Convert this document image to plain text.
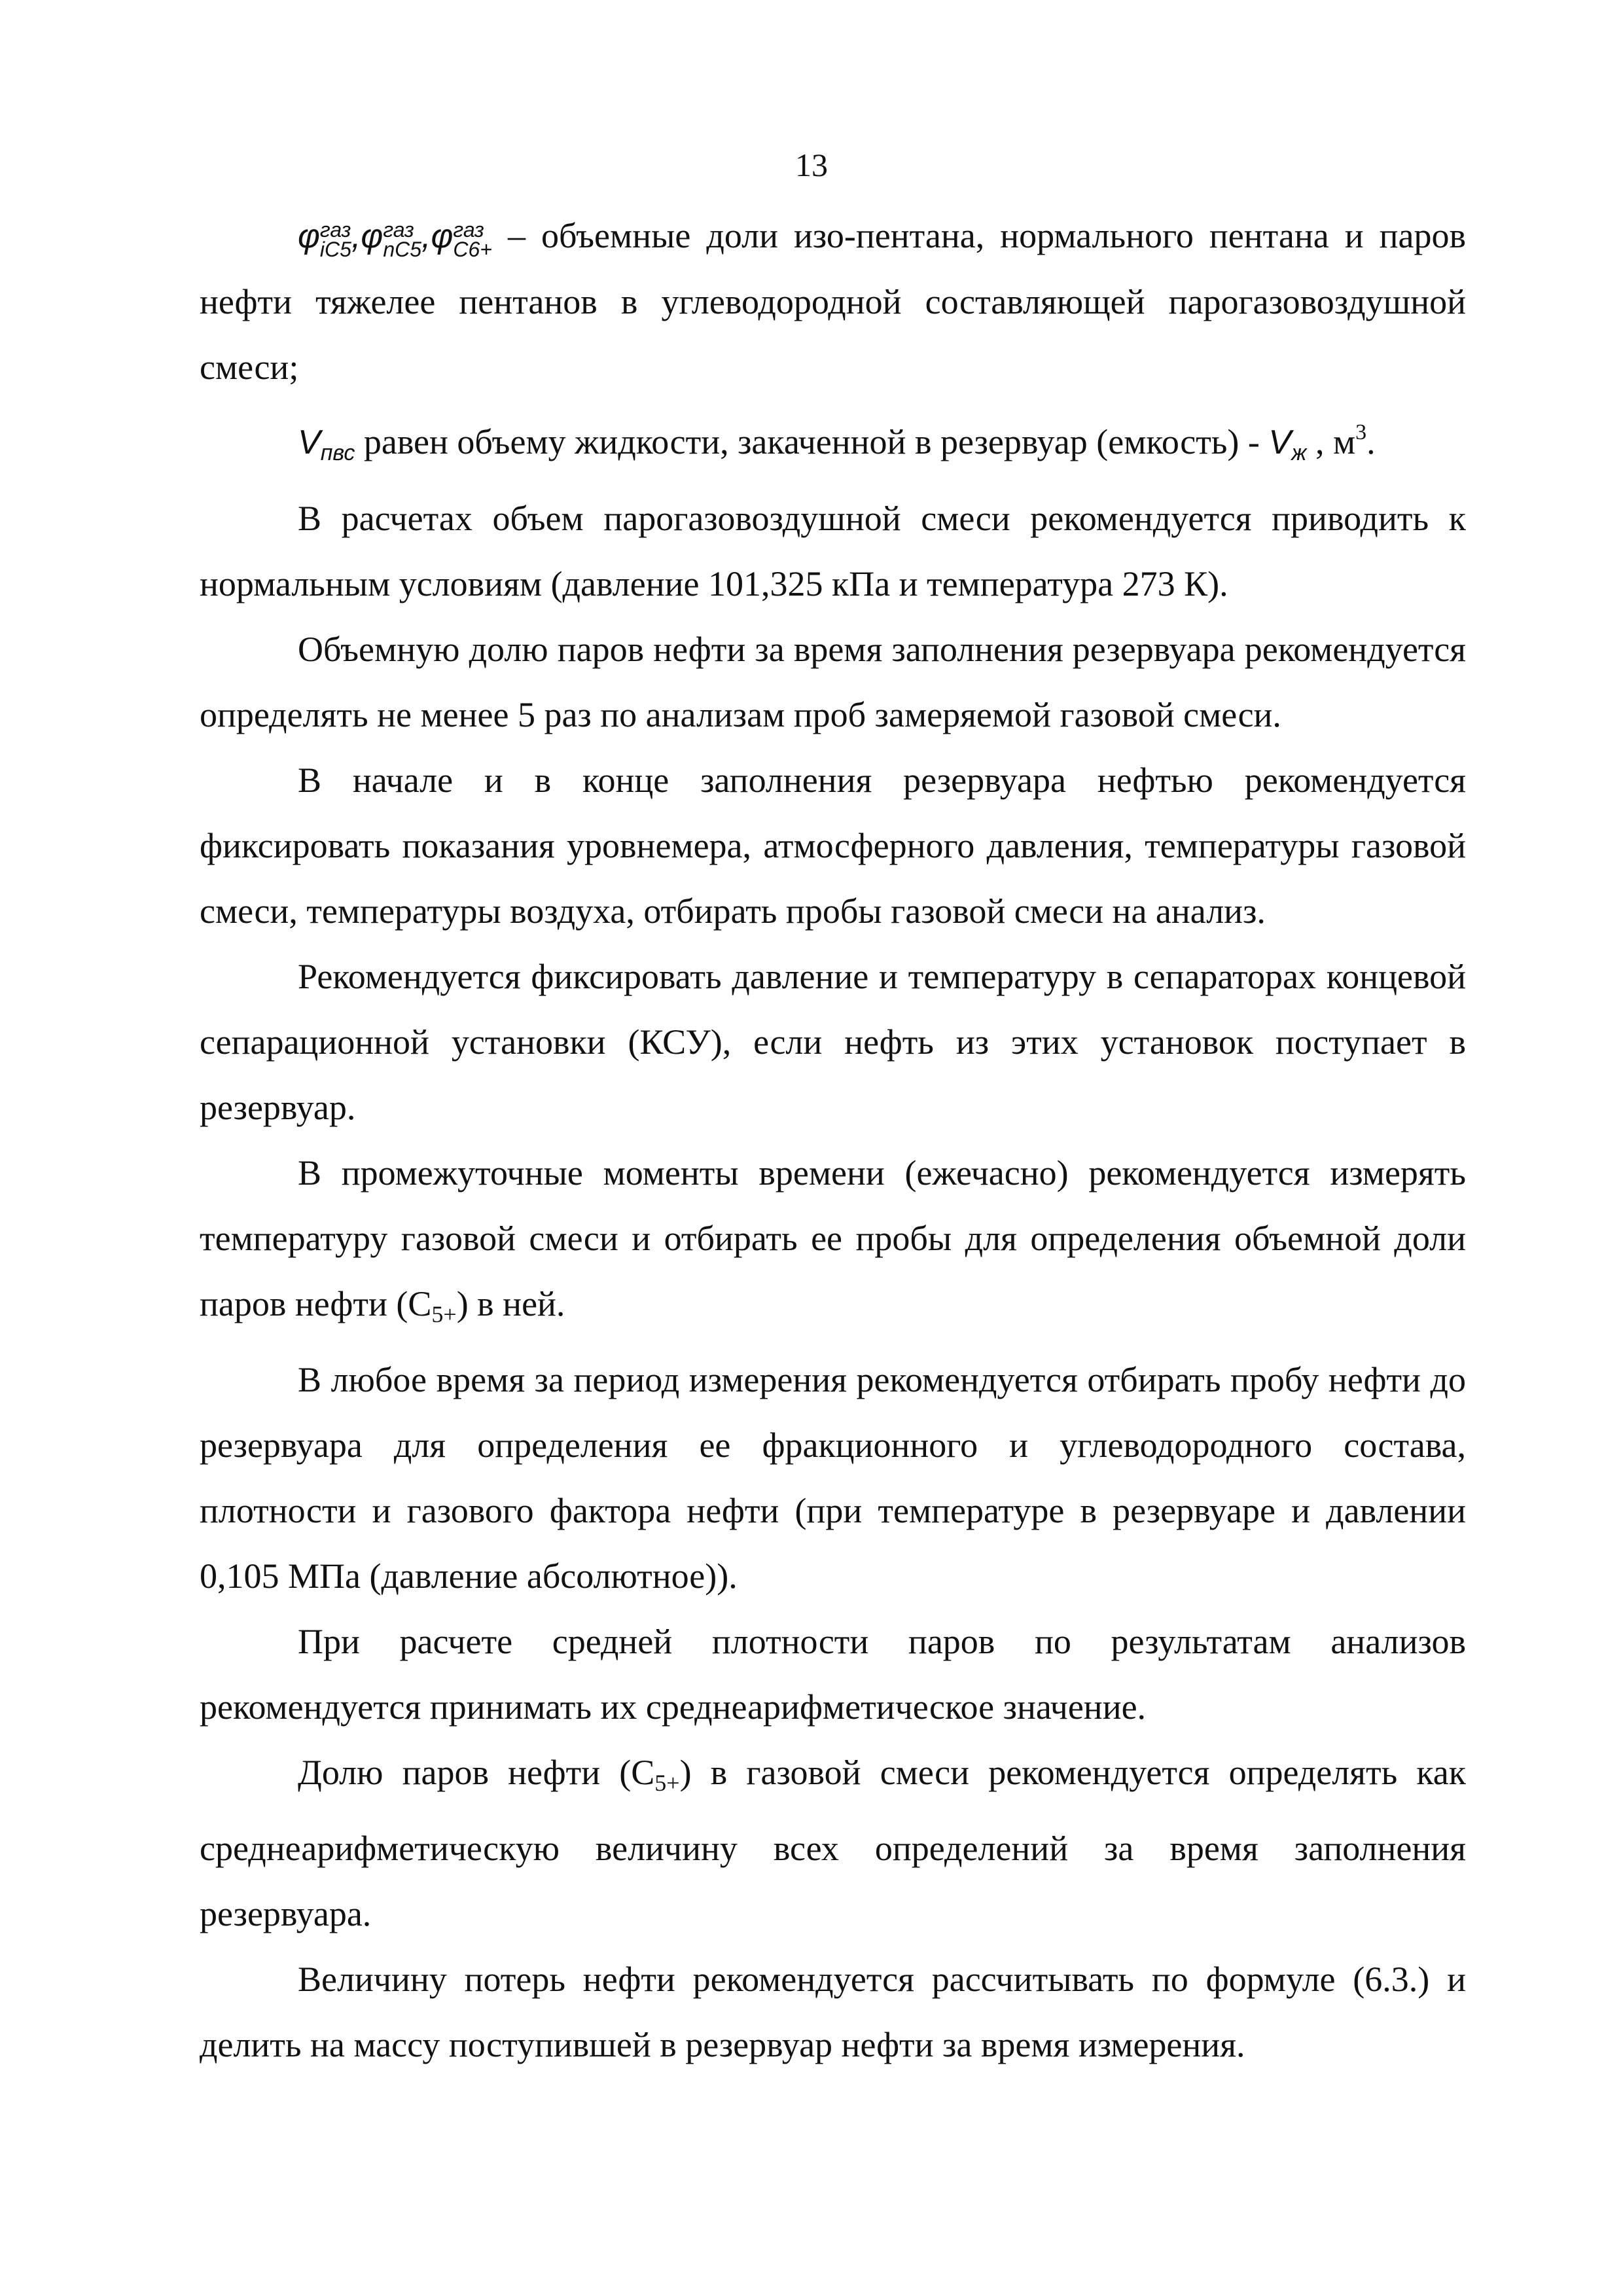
13

φ газ
iC5 ,φ газ
nC5 ,φ газ
C6+ – объемные доли изо-пентана, нормального пентана и паров нефти тяжелее пентанов в углеводородной составляющей парогазовоздушной смеси;

$V_{пвс}$ равен объему жидкости, закаченной в резервуар (емкость) - $V_ж$ , $м^3$.

В расчетах объем парогазовоздушной смеси рекомендуется приводить к нормальным условиям (давление 101,325 кПа и температура 273 К).

Объемную долю паров нефти за время заполнения резервуара рекомендуется определять не менее 5 раз по анализам проб замеряемой газовой смеси.

В начале и в конце заполнения резервуара нефтью рекомендуется фиксировать показания уровнемера, атмосферного давления, температуры газовой смеси, температуры воздуха, отбирать пробы газовой смеси на анализ.

Рекомендуется фиксировать давление и температуру в сепараторах концевой сепарационной установки (КСУ), если нефть из этих установок поступает в резервуар.

В промежуточные моменты времени (ежечасно) рекомендуется измерять температуру газовой смеси и отбирать ее пробы для определения объемной доли паров нефти (С5+) в ней.

В любое время за период измерения рекомендуется отбирать пробу нефти до резервуара для определения ее фракционного и углеводородного состава, плотности и газового фактора нефти (при температуре в резервуаре и давлении 0,105 МПа (давление абсолютное)).

При расчете средней плотности паров по результатам анализов рекомендуется принимать их среднеарифметическое значение.

Долю паров нефти (С5+) в газовой смеси рекомендуется определять как среднеарифметическую величину всех определений за время заполнения резервуара.

Величину потерь нефти рекомендуется рассчитывать по формуле (6.3.) и делить на массу поступившей в резервуар нефти за время измерения.
